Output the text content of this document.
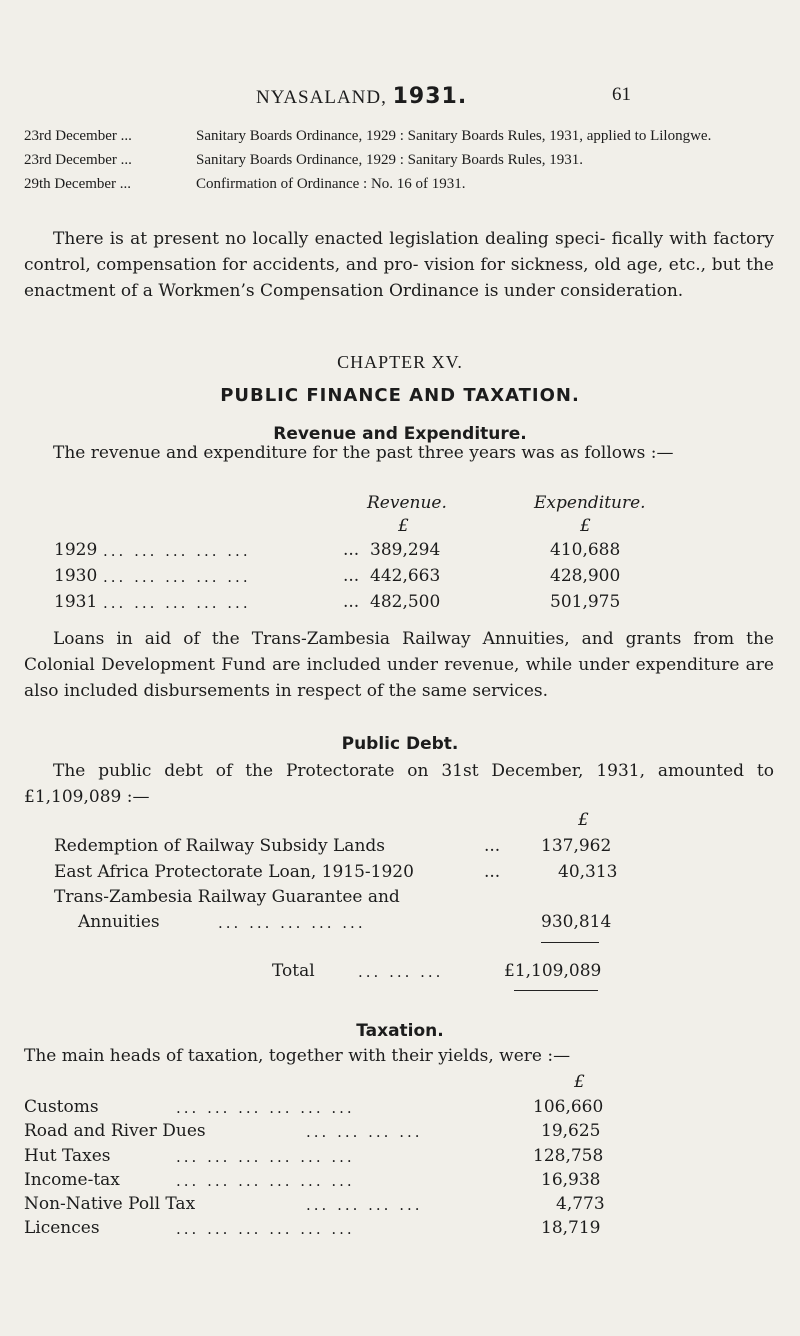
NYASALAND, 1931.	61
23rd December ...	Sanitary Boards Ordinance, 1929 : Sanitary Boards Rules, 1931, applied to Lilongwe.
23rd December ...	Sanitary Boards Ordinance, 1929 : Sanitary Boards Rules, 1931.
29th December ...	Confirmation of Ordinance : No. 16 of 1931.
There is at present no locally enacted legislation dealing speci- fically with factory control, compensation for accidents, and pro- vision for sickness, old age, etc., but the enactment of a Workmen’s Compensation Ordinance is under consideration.
CHAPTER XV.
PUBLIC FINANCE AND TAXATION.
Revenue and Expenditure.
The revenue and expenditure for the past three years was as follows :—
Revenue.	Expenditure.
£	£
1929 ... ... ... ... ...	... 389,294	410,688
1930 ... ... ... ... ...	... 442,663	428,900
1931 ... ... ... ... ...	... 482,500	501,975
Loans in aid of the Trans-Zambesia Railway Annuities, and grants from the Colonial Development Fund are included under revenue, while under expenditure are also included disbursements in respect of the same services.
Public Debt.
The public debt of the Protectorate on 31st December, 1931, amounted to £1,109,089 :—
£
Redemption of Railway Subsidy Lands	... 137,962
East Africa Protectorate Loan, 1915-1920	...	40,313
Trans-Zambesia Railway Guarantee and
Annuities	... ... ... ... ...	930,814
Total	... ... ...	£1,109,089
Taxation.
The main heads of taxation, together with their yields, were :—
£
Customs	... ... ... ... ... ...	106,660
Road and River Dues	... ... ... ...	19,625
Hut Taxes	... ... ... ... ... ...	128,758
Income-tax	... ... ... ... ... ...	16,938
Non-Native Poll Tax	... ... ... ...	4,773
Licences	... ... ... ... ... ...	18,719
